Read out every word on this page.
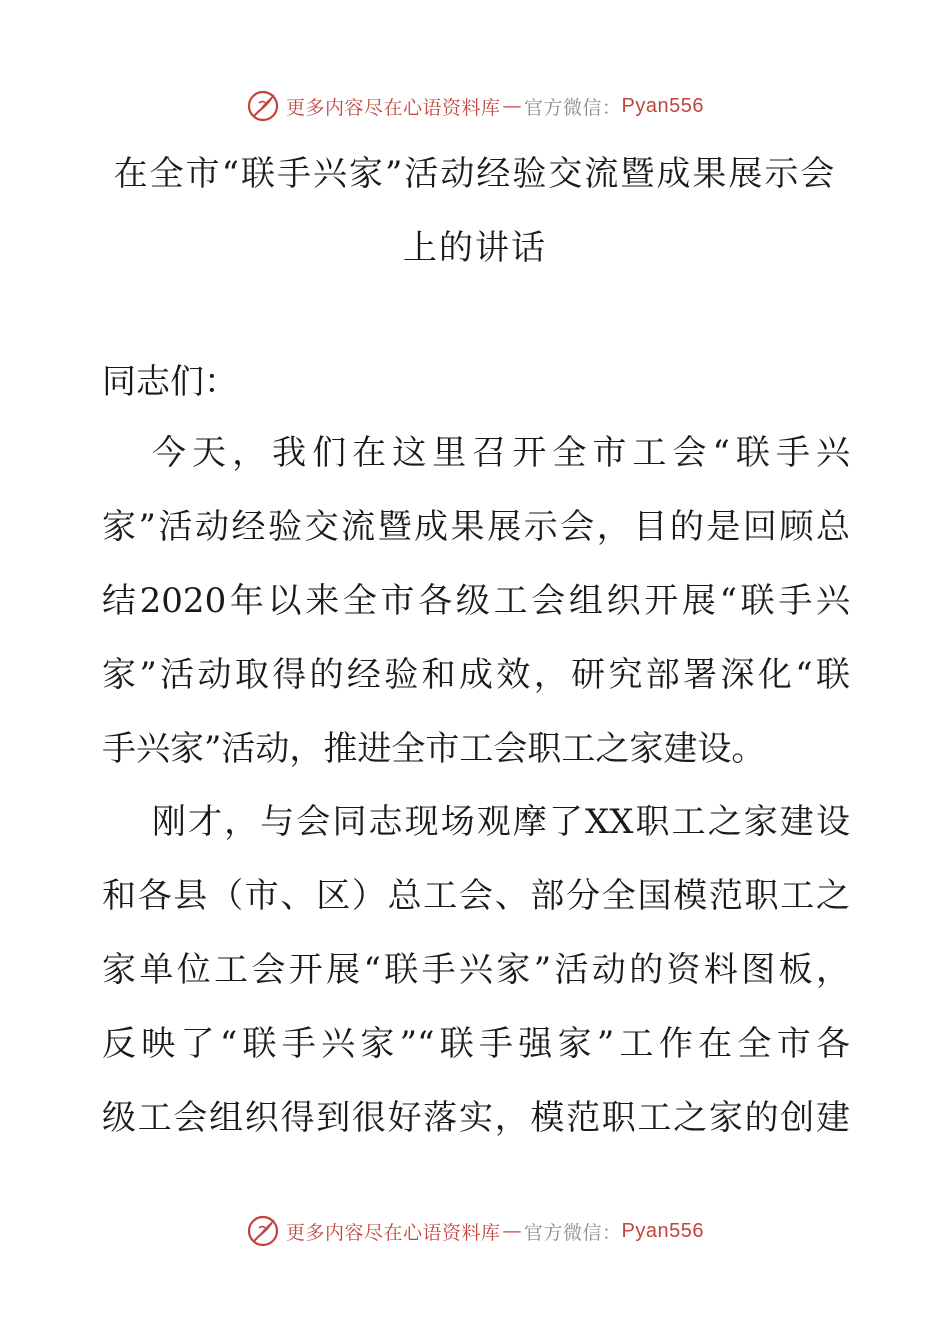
更多内容尽在心语资料库 — 官方微信： Pyan556
在全市“联手兴家”活动经验交流暨成果展示会
上的讲话
同志们：
今天，我们在这里召开全市工会“联手兴
家”活动经验交流暨成果展示会，目的是回顾总
结2020年以来全市各级工会组织开展“联手兴
家”活动取得的经验和成效，研究部署深化“联
手兴家”活动，推进全市工会职工之家建设。
刚才，与会同志现场观摩了XX职工之家建设
和各县（市、区）总工会、部分全国模范职工之
家单位工会开展“联手兴家”活动的资料图板，
反映了“联手兴家”“联手强家”工作在全市各
级工会组织得到很好落实，模范职工之家的创建
更多内容尽在心语资料库 — 官方微信： Pyan556
